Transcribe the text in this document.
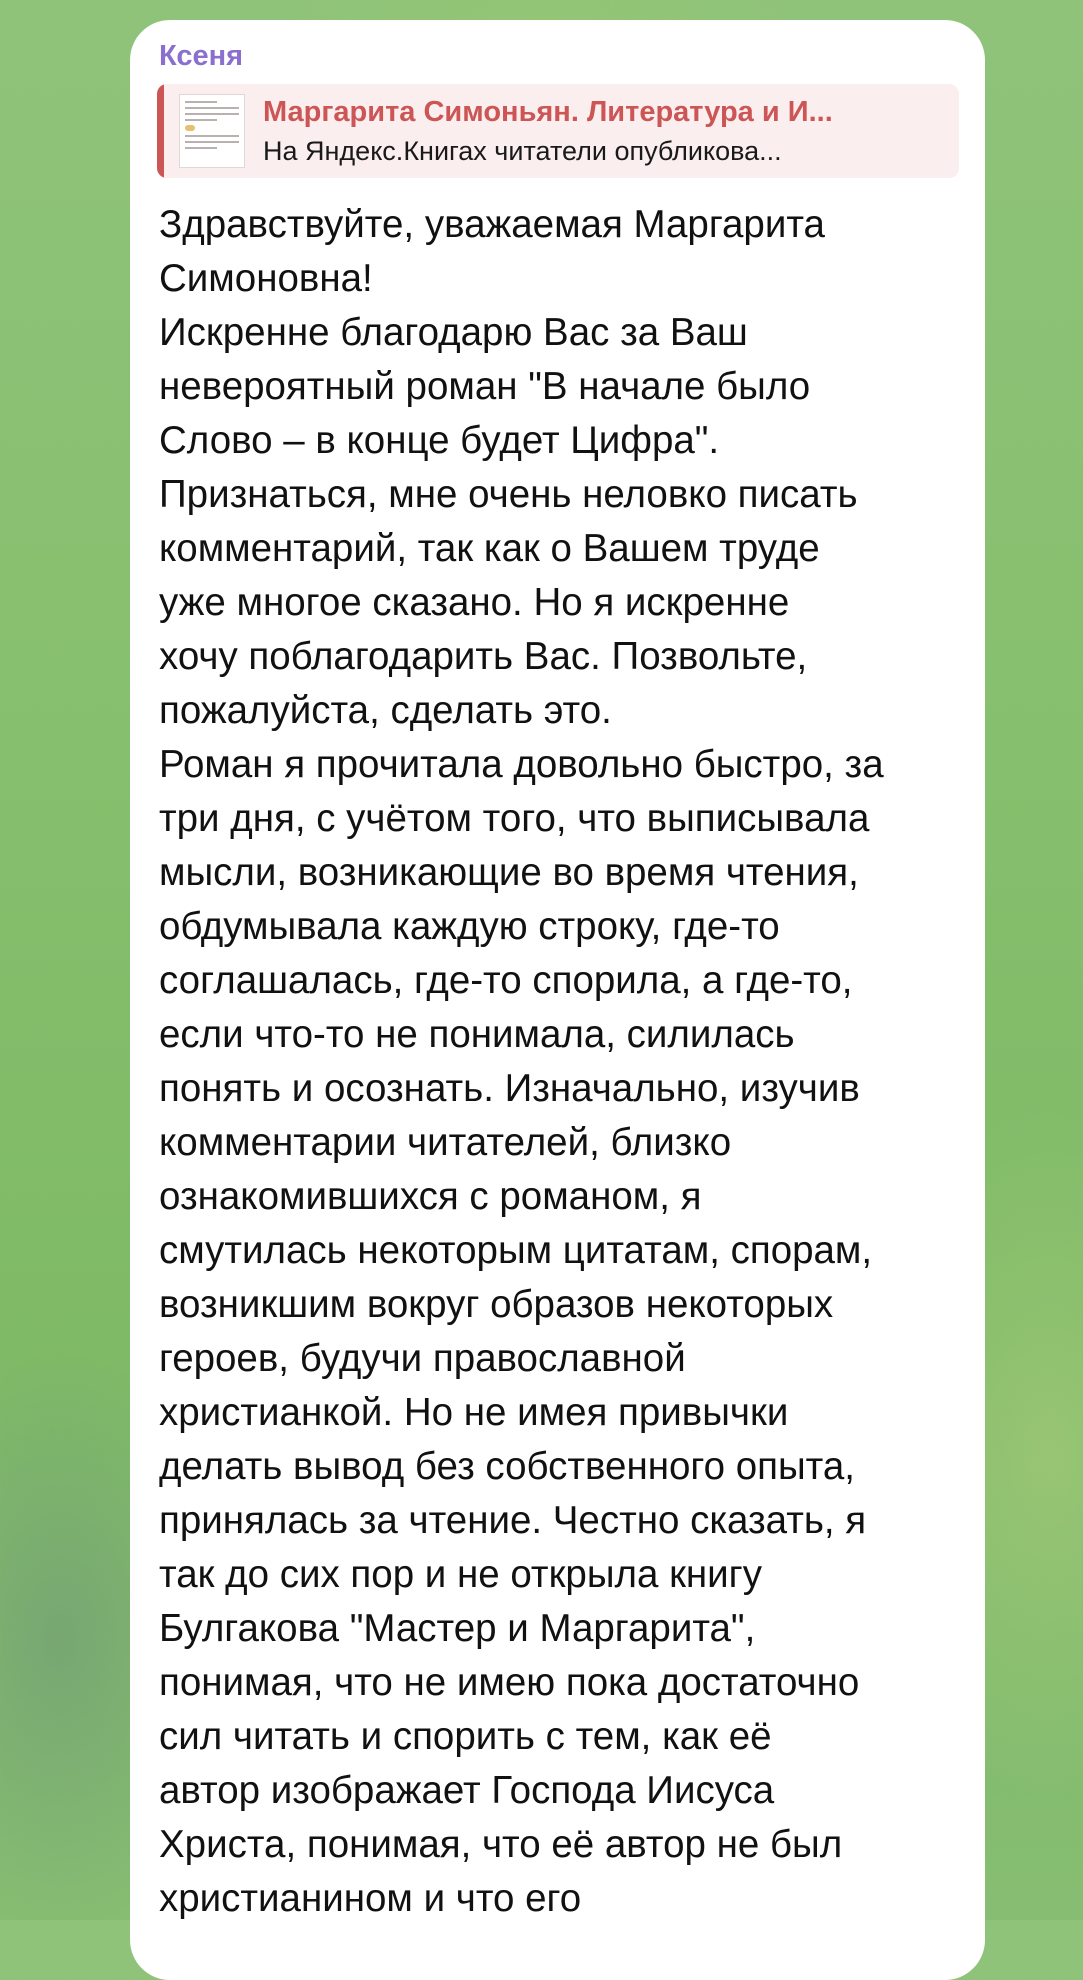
Ксеня
Маргарита Симоньян. Литература и И...
На Яндекс.Книгах читатели опубликова...
Здравствуйте, уважаемая Маргарита
Симоновна!
Искренне благодарю Вас за Ваш
невероятный роман "В начале было
Слово – в конце будет Цифра".
Признаться, мне очень неловко писать
комментарий, так как о Вашем труде
уже многое сказано. Но я искренне
хочу поблагодарить Вас. Позвольте,
пожалуйста, сделать это.
Роман я прочитала довольно быстро, за
три дня, с учётом того, что выписывала
мысли, возникающие во время чтения,
обдумывала каждую строку, где-то
соглашалась, где-то спорила, а где-то,
если что-то не понимала, силилась
понять и осознать. Изначально, изучив
комментарии читателей, близко
ознакомившихся с романом, я
смутилась некоторым цитатам, спорам,
возникшим вокруг образов некоторых
героев, будучи православной
христианкой. Но не имея привычки
делать вывод без собственного опыта,
принялась за чтение. Честно сказать, я
так до сих пор и не открыла книгу
Булгакова "Мастер и Маргарита",
понимая, что не имею пока достаточно
сил читать и спорить с тем, как её
автор изображает Господа Иисуса
Христа, понимая, что её автор не был
христианином и что его
